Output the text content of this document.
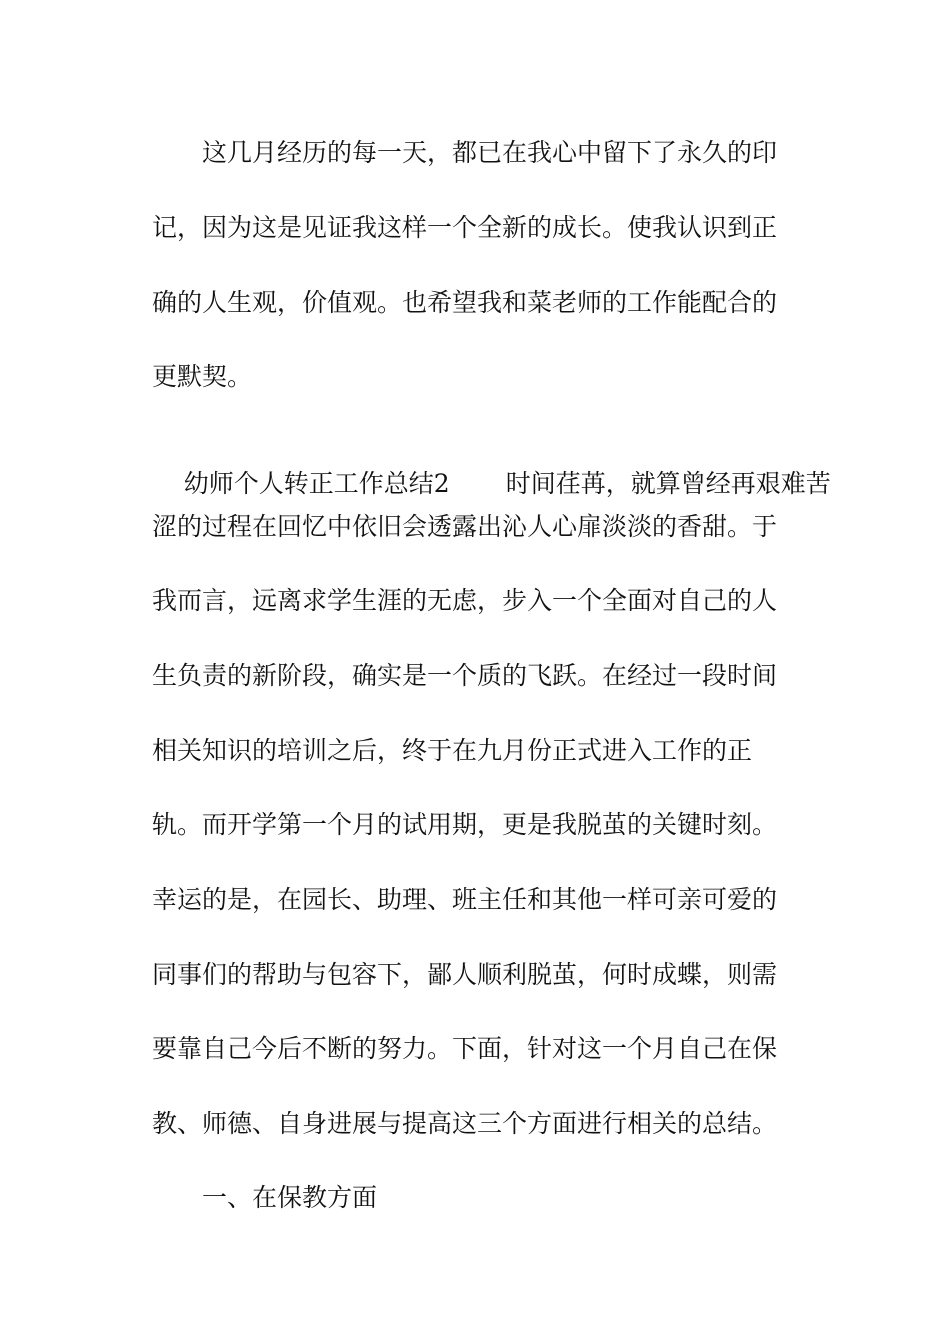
这几月经历的每一天，都已在我心中留下了永久的印

记，因为这是见证我这样一个全新的成长。使我认识到正

确的人生观，价值观。也希望我和菜老师的工作能配合的

更默契。

幼师个人转正工作总结2 时间荏苒，就算曾经再艰难苦

涩的过程在回忆中依旧会透露出沁人心扉淡淡的香甜。于

我而言，远离求学生涯的无虑，步入一个全面对自己的人

生负责的新阶段，确实是一个质的飞跃。在经过一段时间

相关知识的培训之后，终于在九月份正式进入工作的正

轨。而开学第一个月的试用期，更是我脱茧的关键时刻。

幸运的是，在园长、助理、班主任和其他一样可亲可爱的

同事们的帮助与包容下，鄙人顺利脱茧，何时成蝶，则需

要靠自己今后不断的努力。下面，针对这一个月自己在保

教、师德、自身进展与提高这三个方面进行相关的总结。

一、在保教方面
